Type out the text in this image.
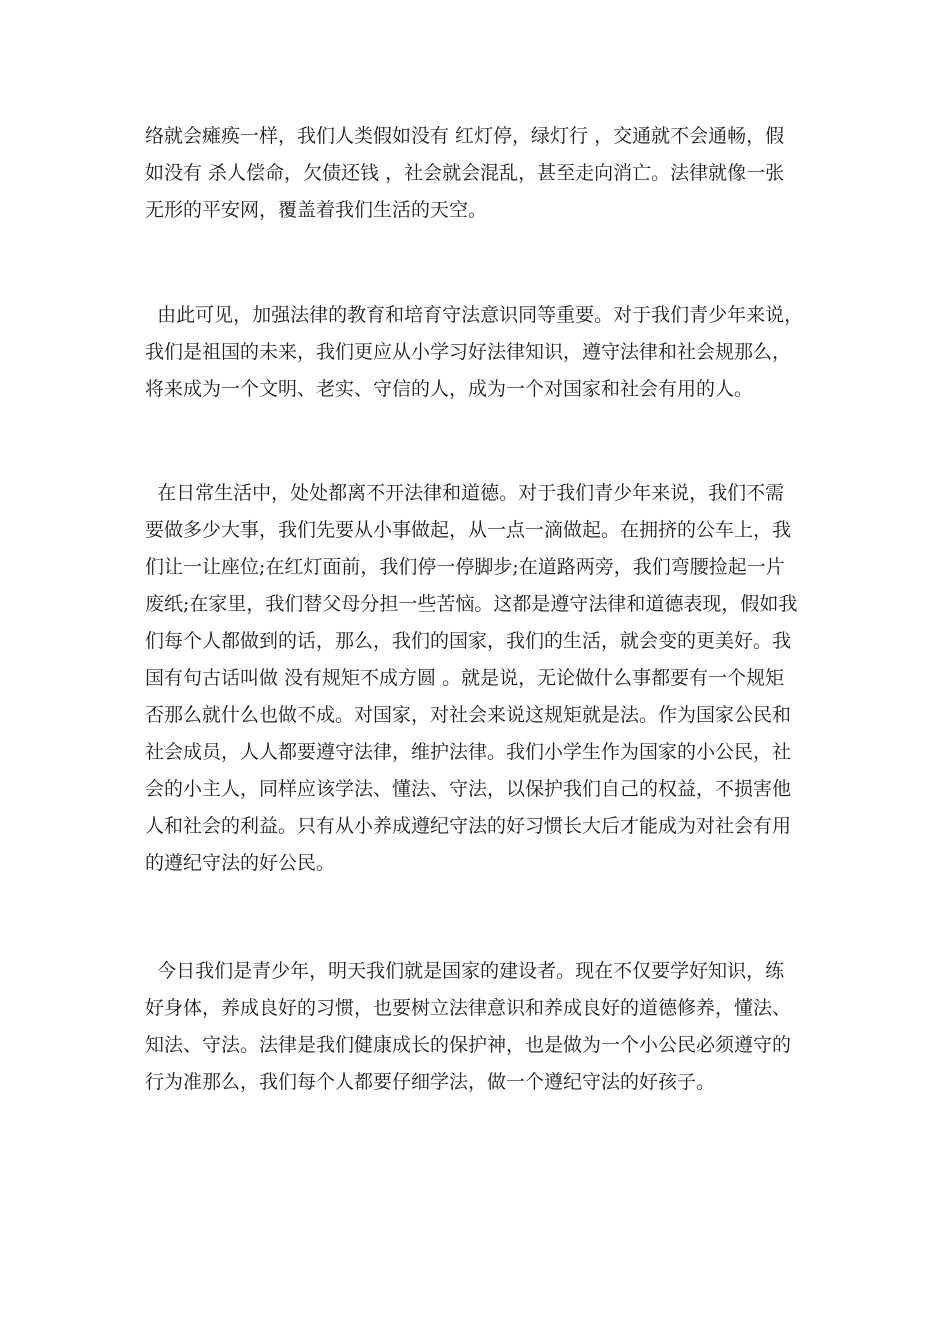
络就会瘫痪一样，我们人类假如没有 红灯停，绿灯行 ，交通就不会通畅，假

如没有 杀人偿命，欠债还钱 ，社会就会混乱，甚至走向消亡。法律就像一张

无形的平安网，覆盖着我们生活的天空。

由此可见，加强法律的教育和培育守法意识同等重要。对于我们青少年来说，

我们是祖国的未来，我们更应从小学习好法律知识，遵守法律和社会规那么，

将来成为一个文明、老实、守信的人，成为一个对国家和社会有用的人。

在日常生活中，处处都离不开法律和道德。对于我们青少年来说，我们不需

要做多少大事，我们先要从小事做起，从一点一滴做起。在拥挤的公车上，我

们让一让座位;在红灯面前，我们停一停脚步;在道路两旁，我们弯腰捡起一片

废纸;在家里，我们替父母分担一些苦恼。这都是遵守法律和道德表现，假如我

们每个人都做到的话，那么，我们的国家，我们的生活，就会变的更美好。我

国有句古话叫做 没有规矩不成方圆 。就是说，无论做什么事都要有一个规矩

否那么就什么也做不成。对国家，对社会来说这规矩就是法。作为国家公民和

社会成员，人人都要遵守法律，维护法律。我们小学生作为国家的小公民，社

会的小主人，同样应该学法、懂法、守法，以保护我们自己的权益，不损害他

人和社会的利益。只有从小养成遵纪守法的好习惯长大后才能成为对社会有用

的遵纪守法的好公民。

今日我们是青少年，明天我们就是国家的建设者。现在不仅要学好知识，练

好身体，养成良好的习惯，也要树立法律意识和养成良好的道德修养，懂法、

知法、守法。法律是我们健康成长的保护神，也是做为一个小公民必须遵守的

行为准那么，我们每个人都要仔细学法，做一个遵纪守法的好孩子。
